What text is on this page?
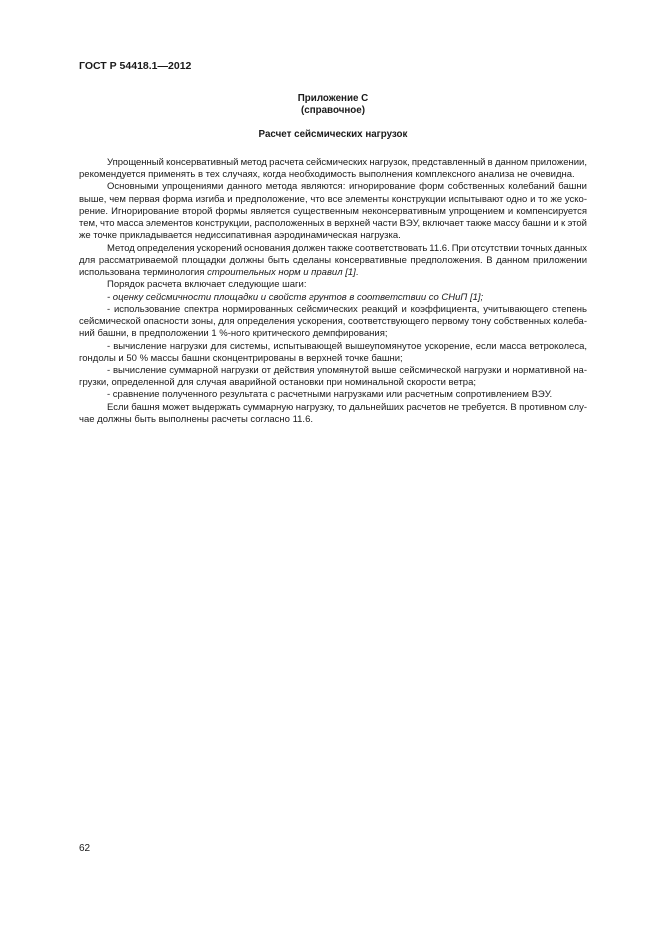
ГОСТ Р 54418.1—2012
Приложение С
(справочное)
Расчет сейсмических нагрузок
Упрощенный консервативный метод расчета сейсмических нагрузок, представленный в данном приложении,
рекомендуется применять в тех случаях, когда необходимость выполнения комплексного анализа не очевидна.
Основными упрощениями данного метода являются: игнорирование форм собственных колебаний башни
выше, чем первая форма изгиба и предположение, что все элементы конструкции испытывают одно и то же уско-
рение. Игнорирование второй формы является существенным неконсервативным упрощением и компенсируется
тем, что масса элементов конструкции, расположенных в верхней части ВЭУ, включает также массу башни и к этой
же точке прикладывается недиссипативная аэродинамическая нагрузка.
Метод определения ускорений основания должен также соответствовать 11.6. При отсутствии точных данных
для рассматриваемой площадки должны быть сделаны консервативные предположения. В данном приложении
использована терминология строительных норм и правил [1].
Порядок расчета включает следующие шаги:
- оценку сейсмичности площадки и свойств грунтов в соответствии со СНиП [1];
- использование спектра нормированных сейсмических реакций и коэффициента, учитывающего степень
сейсмической опасности зоны, для определения ускорения, соответствующего первому тону собственных колеба-
ний башни, в предположении 1 %-ного критического демпфирования;
- вычисление нагрузки для системы, испытывающей вышеупомянутое ускорение, если масса ветроколеса,
гондолы и 50 % массы башни сконцентрированы в верхней точке башни;
- вычисление суммарной нагрузки от действия упомянутой выше сейсмической нагрузки и нормативной на-
грузки, определенной для случая аварийной остановки при номинальной скорости ветра;
- сравнение полученного результата с расчетными нагрузками или расчетным сопротивлением ВЭУ.
Если башня может выдержать суммарную нагрузку, то дальнейших расчетов не требуется. В противном слу-
чае должны быть выполнены расчеты согласно 11.6.
62
